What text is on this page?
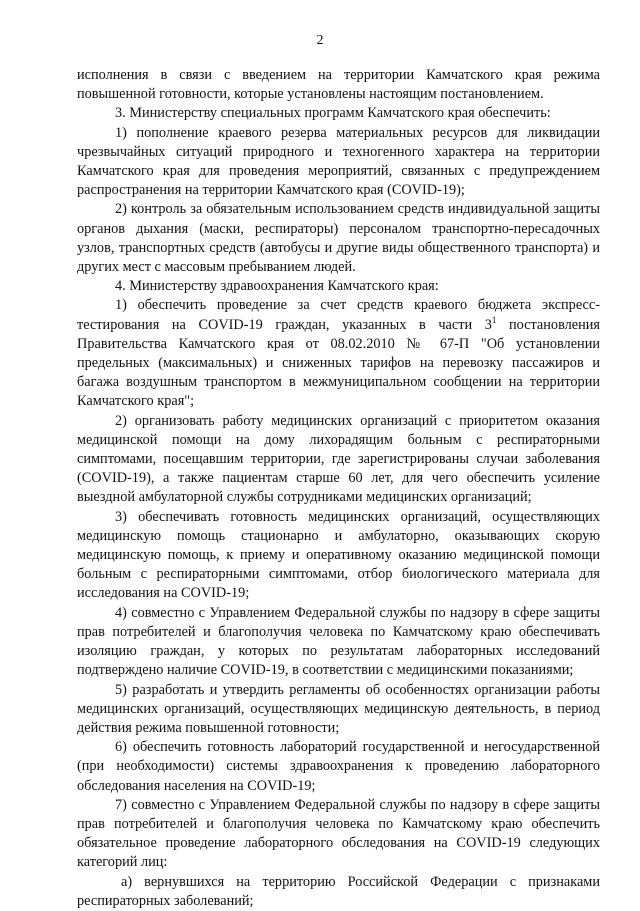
2

исполнения в связи с введением на территории Камчатского края режима повышенной готовности, которые установлены настоящим постановлением.

3. Министерству специальных программ Камчатского края обеспечить:

1) пополнение краевого резерва материальных ресурсов для ликвидации чрезвычайных ситуаций природного и техногенного характера на территории Камчатского края для проведения мероприятий, связанных с предупреждением распространения на территории Камчатского края (COVID-19);

2) контроль за обязательным использованием средств индивидуальной защиты органов дыхания (маски, респираторы) персоналом транспортно-пересадочных узлов, транспортных средств (автобусы и другие виды общественного транспорта) и других мест с массовым пребыванием людей.

4. Министерству здравоохранения Камчатского края:

1) обеспечить проведение за счет средств краевого бюджета экспресс-тестирования на COVID-19 граждан, указанных в части $3^1$ постановления Правительства Камчатского края от 08.02.2010 № 67-П "Об установлении предельных (максимальных) и сниженных тарифов на перевозку пассажиров и багажа воздушным транспортом в межмуниципальном сообщении на территории Камчатского края";

2) организовать работу медицинских организаций с приоритетом оказания медицинской помощи на дому лихорадящим больным с респираторными симптомами, посещавшим территории, где зарегистрированы случаи заболевания (COVID-19), а также пациентам старше 60 лет, для чего обеспечить усиление выездной амбулаторной службы сотрудниками медицинских организаций;

3) обеспечивать готовность медицинских организаций, осуществляющих медицинскую помощь стационарно и амбулаторно, оказывающих скорую медицинскую помощь, к приему и оперативному оказанию медицинской помощи больным с респираторными симптомами, отбор биологического материала для исследования на COVID-19;

4) совместно с Управлением Федеральной службы по надзору в сфере защиты прав потребителей и благополучия человека по Камчатскому краю обеспечивать изоляцию граждан, у которых по результатам лабораторных исследований подтверждено наличие COVID-19, в соответствии с медицинскими показаниями;

5) разработать и утвердить регламенты об особенностях организации работы медицинских организаций, осуществляющих медицинскую деятельность, в период действия режима повышенной готовности;

6) обеспечить готовность лабораторий государственной и негосударственной (при необходимости) системы здравоохранения к проведению лабораторного обследования населения на COVID-19;

7) совместно с Управлением Федеральной службы по надзору в сфере защиты прав потребителей и благополучия человека по Камчатскому краю обеспечить обязательное проведение лабораторного обследования на COVID-19 следующих категорий лиц:

а) вернувшихся на территорию Российской Федерации с признаками респираторных заболеваний;
